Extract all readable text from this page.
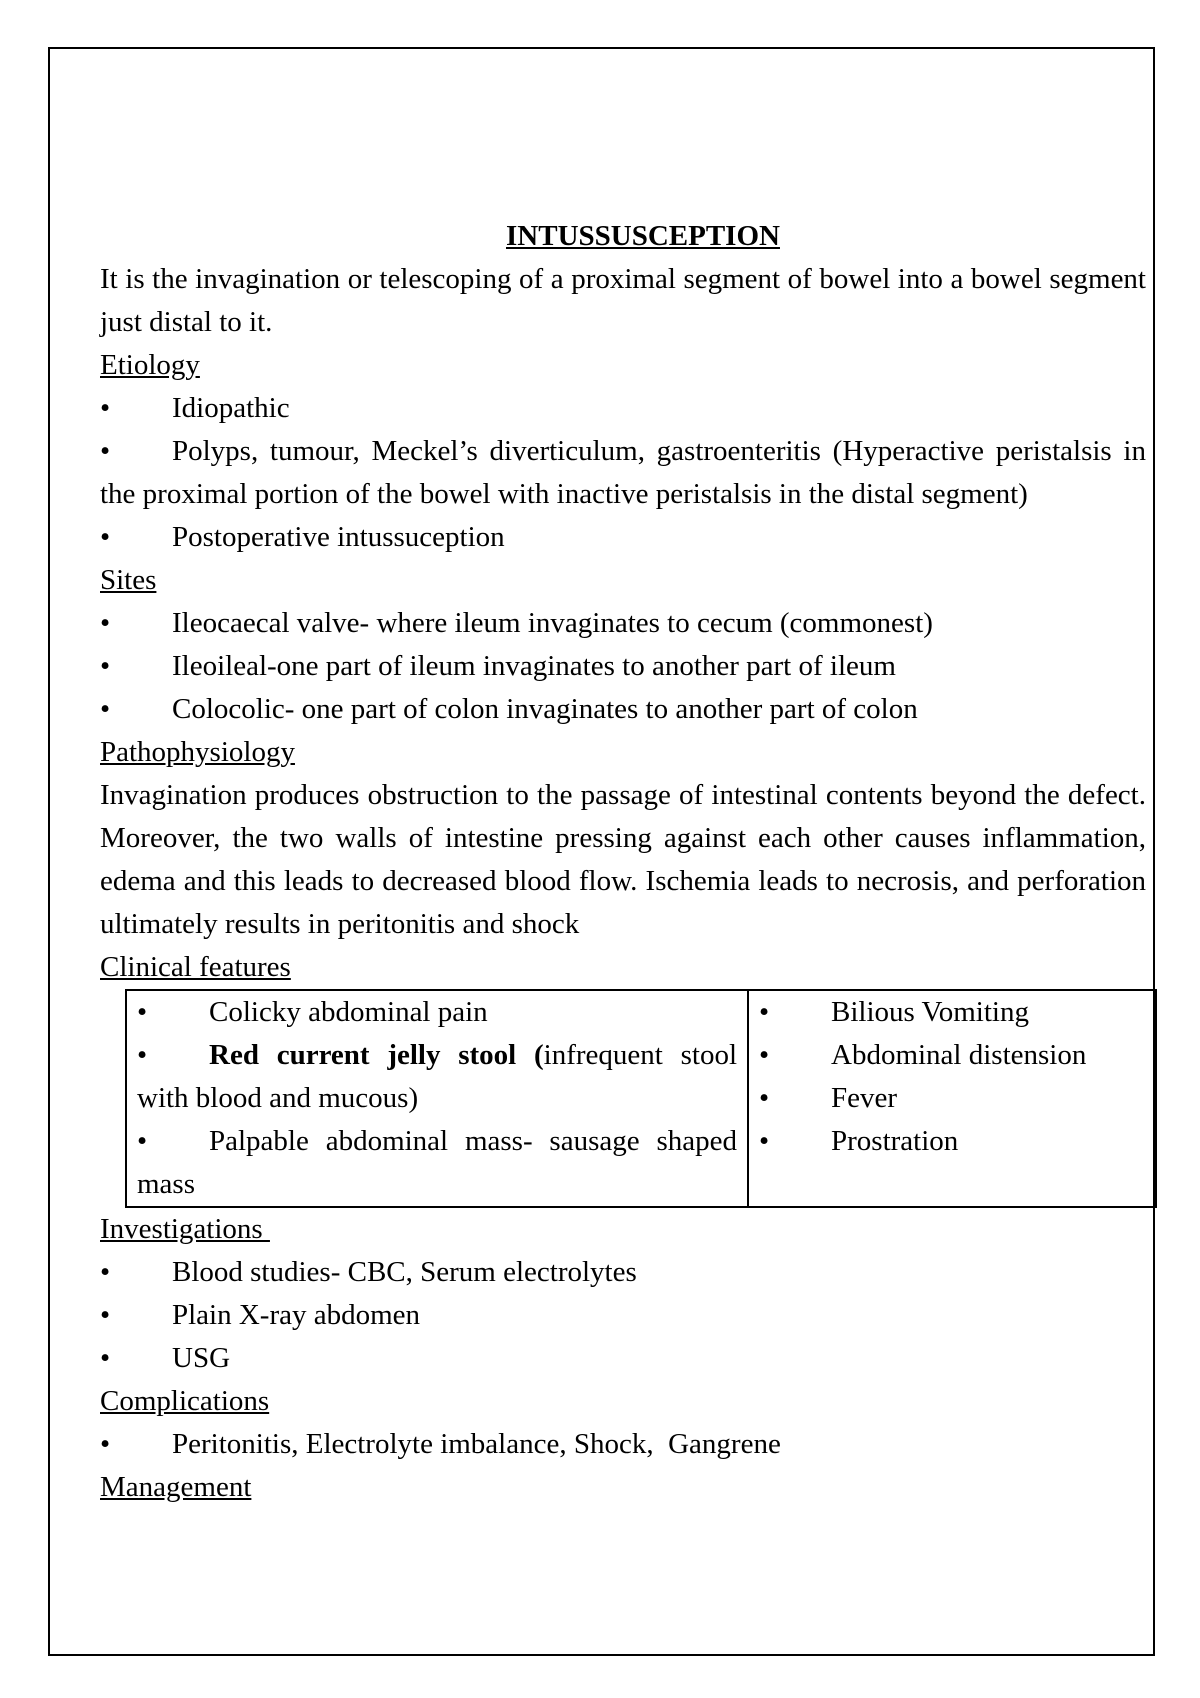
INTUSSUSCEPTION
It is the invagination or telescoping of a proximal segment of bowel into a bowel segment just distal to it.
Etiology
•	Idiopathic
• Polyps, tumour, Meckel’s diverticulum, gastroenteritis (Hyperactive peristalsis in the proximal portion of the bowel with inactive peristalsis in the distal segment)
•	Postoperative intussuception
Sites
•	Ileocaecal valve- where ileum invaginates to cecum (commonest)
•	Ileoileal-one part of ileum invaginates to another part of ileum
•	Colocolic- one part of colon invaginates to another part of colon
Pathophysiology
Invagination produces obstruction to the passage of intestinal contents beyond the defect. Moreover, the two walls of intestine pressing against each other causes inflammation, edema and this leads to decreased blood flow. Ischemia leads to necrosis, and perforation ultimately results in peritonitis and shock
Clinical features
• Colicky abdominal pain
• Red current jelly stool (infrequent stool with blood and mucous)
• Palpable abdominal mass- sausage shaped mass

•	Bilious Vomiting
•	Abdominal distension
•	Fever
•	Prostration
Investigations
•	Blood studies- CBC, Serum electrolytes
•	Plain X-ray abdomen
•	USG
Complications
•	Peritonitis, Electrolyte imbalance, Shock,  Gangrene
Management
